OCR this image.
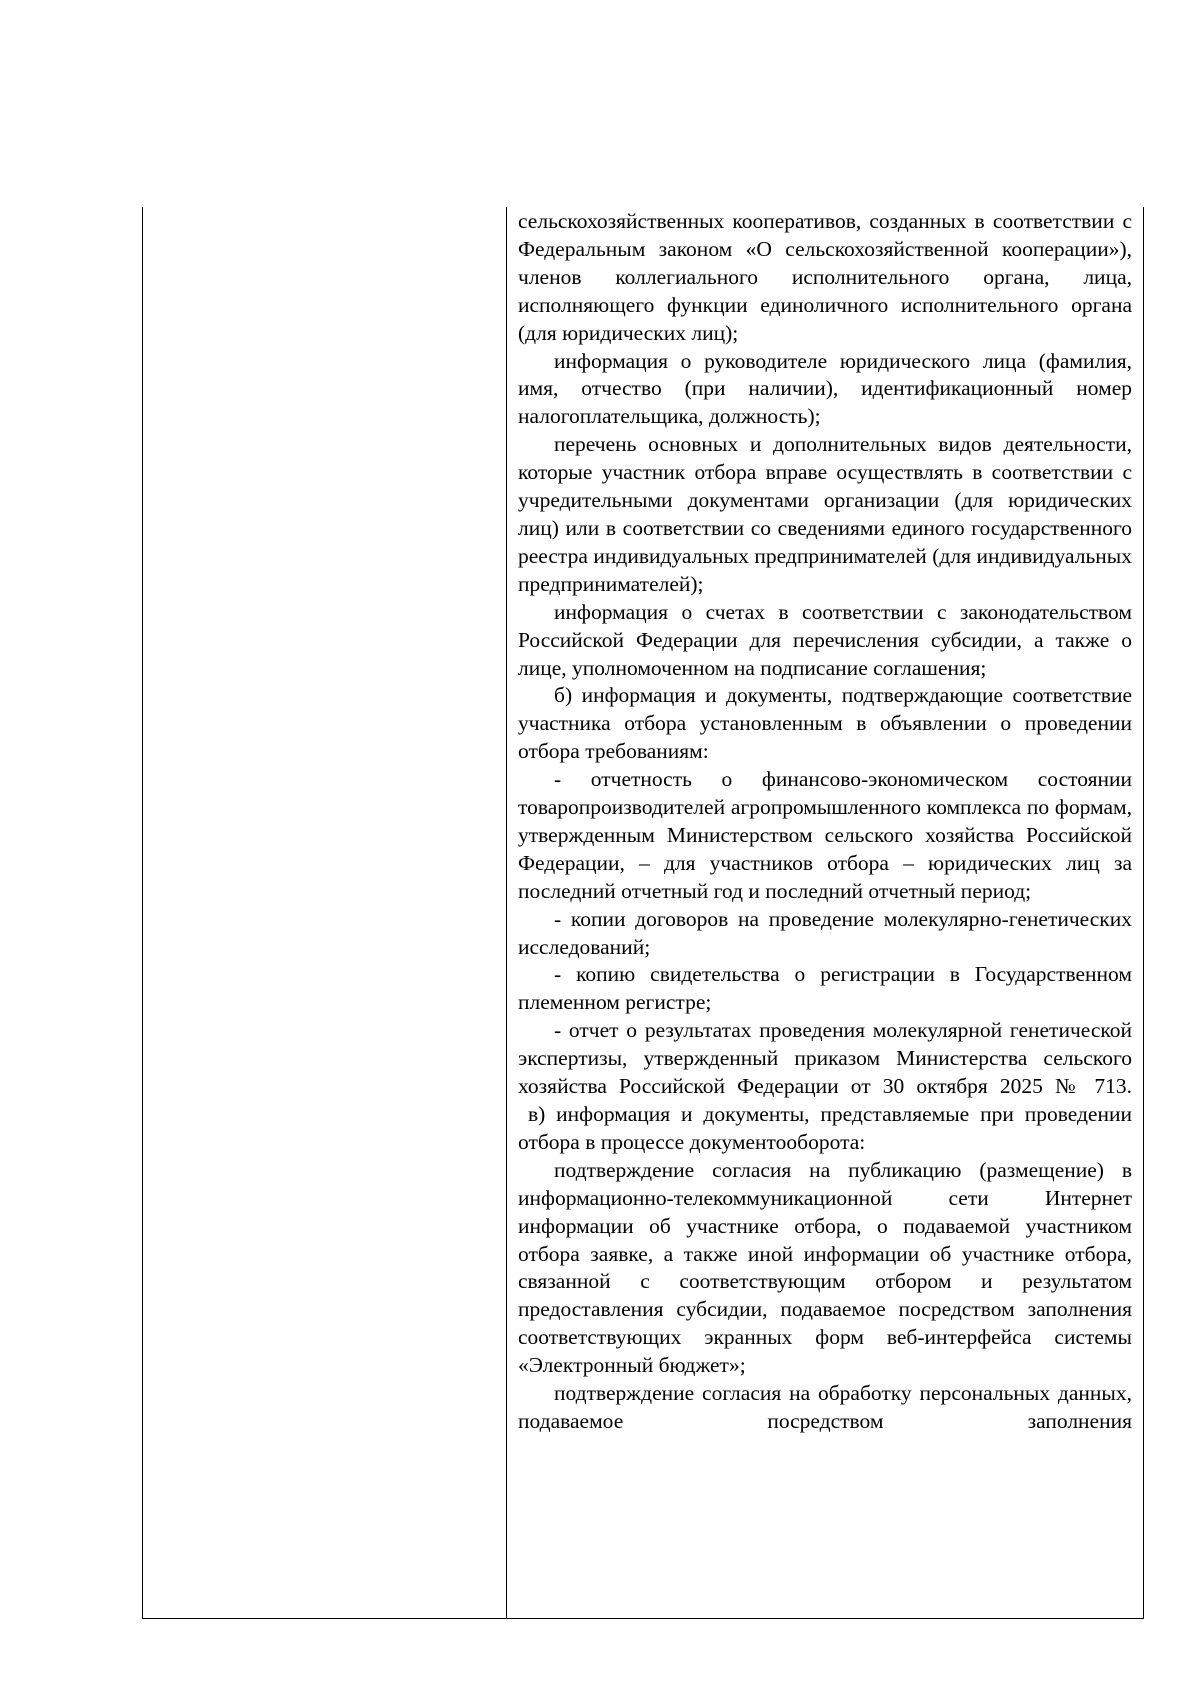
сельскохозяйственных кооперативов, созданных в соответствии с Федеральным законом «О сельскохозяйственной кооперации»), членов коллегиального исполнительного органа, лица, исполняющего функции единоличного исполнительного органа (для юридических лиц);

информация о руководителе юридического лица (фамилия, имя, отчество (при наличии), идентификационный номер налогоплательщика, должность);

перечень основных и дополнительных видов деятельности, которые участник отбора вправе осуществлять в соответствии с учредительными документами организации (для юридических лиц) или в соответствии со сведениями единого государственного реестра индивидуальных предпринимателей (для индивидуальных предпринимателей);

информация о счетах в соответствии с законодательством Российской Федерации для перечисления субсидии, а также о лице, уполномоченном на подписание соглашения;

б) информация и документы, подтверждающие соответствие участника отбора установленным в объявлении о проведении отбора требованиям:

- отчетность о финансово-экономическом состоянии товаропроизводителей агропромышленного комплекса по формам, утвержденным Министерством сельского хозяйства Российской Федерации, – для участников отбора – юридических лиц за последний отчетный год и последний отчетный период;

- копии договоров на проведение молекулярно-генетических исследований;

- копию свидетельства о регистрации в Государственном племенном регистре;

- отчет о результатах проведения молекулярной генетической экспертизы, утвержденный приказом Министерства сельского хозяйства Российской Федерации от 30 октября 2025 № 713.

в) информация и документы, представляемые при проведении отбора в процессе документооборота:

подтверждение согласия на публикацию (размещение) в информационно-телекоммуникационной сети Интернет информации об участнике отбора, о подаваемой участником отбора заявке, а также иной информации об участнике отбора, связанной с соответствующим отбором и результатом предоставления субсидии, подаваемое посредством заполнения соответствующих экранных форм веб-интерфейса системы «Электронный бюджет»;

подтверждение согласия на обработку персональных данных, подаваемое посредством заполнения
